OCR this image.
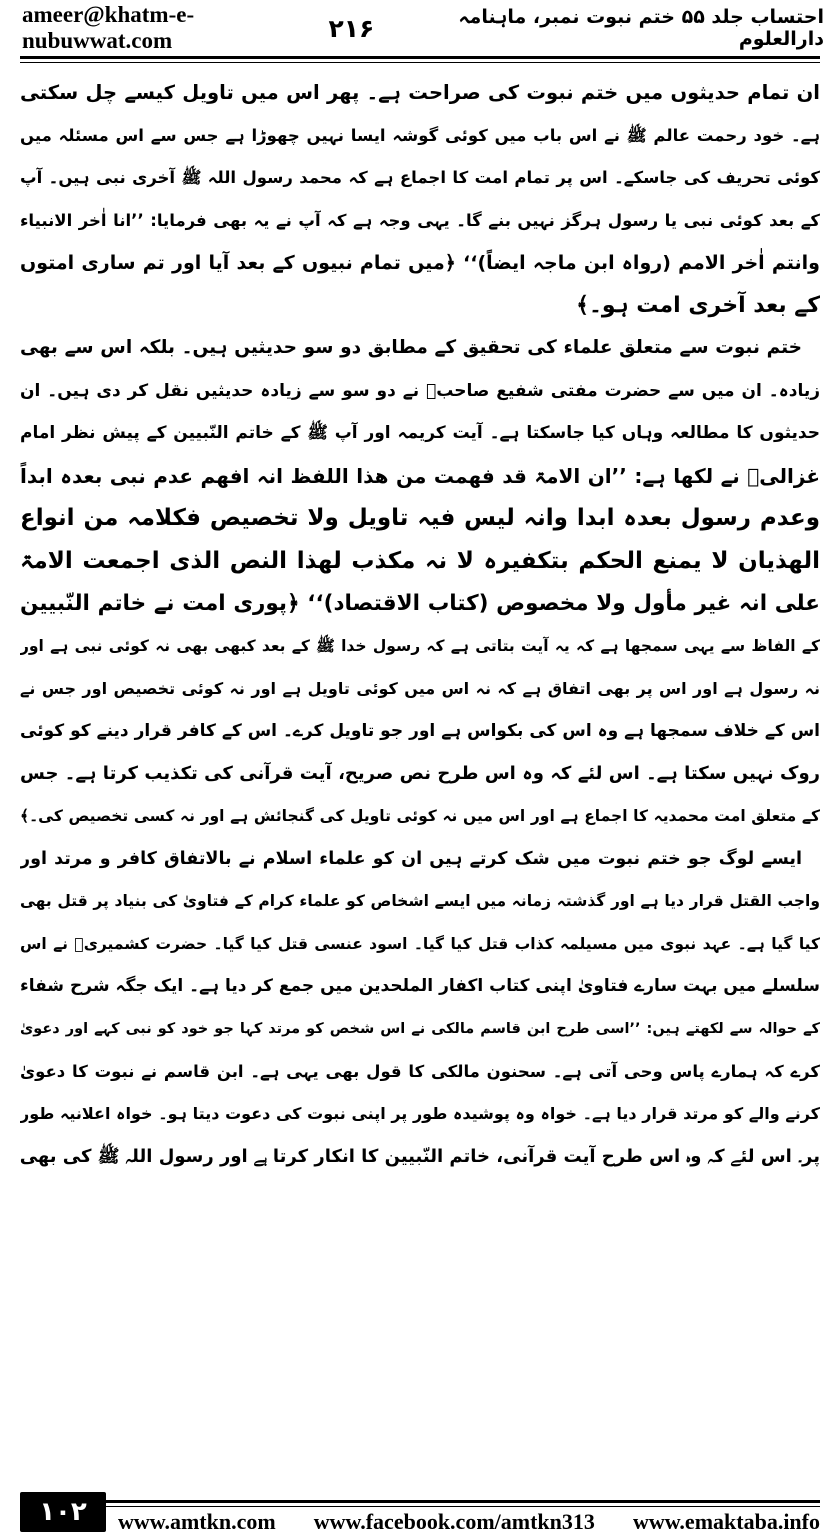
ameer@khatm-e-nubuwwat.com
احتساب جلد ۵۵ ختم نبوت نمبر، ماہنامہ دارالعلوم
۲۱۶
ان تمام حدیثوں میں ختم نبوت کی صراحت ہے۔ پھر اس میں تاویل کیسے چل سکتی
ہے۔ خود رحمت عالم ﷺ نے اس باب میں کوئی گوشہ ایسا نہیں چھوڑا ہے جس سے اس مسئلہ میں
کوئی تحریف کی جاسکے۔ اس پر تمام امت کا اجماع ہے کہ محمد رسول اللہ ﷺ آخری نبی ہیں۔ آپ
کے بعد کوئی نبی یا رسول ہرگز نہیں بنے گا۔ یہی وجہ ہے کہ آپ نے یہ بھی فرمایا: ’’انا اٰخر الانبیاء
وانتم اٰخر الامم (رواہ ابن ماجہ ایضاً)‘‘ ﴿میں تمام نبیوں کے بعد آیا اور تم ساری امتوں
کے بعد آخری امت ہو۔﴾
ختم نبوت سے متعلق علماء کی تحقیق کے مطابق دو سو حدیثیں ہیں۔ بلکہ اس سے بھی
زیادہ۔ ان میں سے حضرت مفتی شفیع صاحبؒ نے دو سو سے زیادہ حدیثیں نقل کر دی ہیں۔ ان
حدیثوں کا مطالعہ وہاں کیا جاسکتا ہے۔ آیت کریمہ اور آپ ﷺ کے خاتم النّبیین کے پیش نظر امام
غزالیؒ نے لکھا ہے: ’’ان الامۃ قد فھمت من ھذا اللفظ انہ افھم عدم نبی بعدہ ابداً
وعدم رسول بعدہ ابدا وانہ لیس فیہ تاویل ولا تخصیص فکلامہ من انواع
الھذیان لا یمنع الحکم بتکفیرہ لا نہ مکذب لھذا النص الذی اجمعت الامۃ
علی انہ غیر مأول ولا مخصوص (کتاب الاقتصاد)‘‘ ﴿پوری امت نے خاتم النّبیین
کے الفاظ سے یہی سمجھا ہے کہ یہ آیت بتاتی ہے کہ رسول خدا ﷺ کے بعد کبھی بھی نہ کوئی نبی ہے اور
نہ رسول ہے اور اس پر بھی اتفاق ہے کہ نہ اس میں کوئی تاویل ہے اور نہ کوئی تخصیص اور جس نے
اس کے خلاف سمجھا ہے وہ اس کی بکواس ہے اور جو تاویل کرے۔ اس کے کافر قرار دینے کو کوئی
روک نہیں سکتا ہے۔ اس لئے کہ وہ اس طرح نص صریح، آیت قرآنی کی تکذیب کرتا ہے۔ جس
کے متعلق امت محمدیہ کا اجماع ہے اور اس میں نہ کوئی تاویل کی گنجائش ہے اور نہ کسی تخصیص کی۔﴾
ایسے لوگ جو ختم نبوت میں شک کرتے ہیں ان کو علماء اسلام نے بالاتفاق کافر و مرتد اور
واجب القتل قرار دیا ہے اور گذشتہ زمانہ میں ایسے اشخاص کو علماء کرام کے فتاویٰ کی بنیاد پر قتل بھی
کیا گیا ہے۔ عہد نبوی میں مسیلمہ کذاب قتل کیا گیا۔ اسود عنسی قتل کیا گیا۔ حضرت کشمیریؒ نے اس
سلسلے میں بہت سارے فتاویٰ اپنی کتاب اکفار الملحدین میں جمع کر دیا ہے۔ ایک جگہ شرح شفاء
کے حوالہ سے لکھتے ہیں: ’’اسی طرح ابن قاسم مالکی نے اس شخص کو مرتد کہا جو خود کو نبی کہے اور دعویٰ
کرے کہ ہمارے پاس وحی آتی ہے۔ سحنون مالکی کا قول بھی یہی ہے۔ ابن قاسم نے نبوت کا دعویٰ
کرنے والے کو مرتد قرار دیا ہے۔ خواہ وہ پوشیدہ طور پر اپنی نبوت کی دعوت دیتا ہو۔ خواہ اعلانیہ طور
پر۔ اس لئے کہ وہ اس طرح آیت قرآنی، خاتم النّبیین کا انکار کرتا ہے اور رسول اللہ ﷺ کی بھی
١٠٢	www.amtkn.com www.facebook.com/amtkn313 www.emaktaba.info
